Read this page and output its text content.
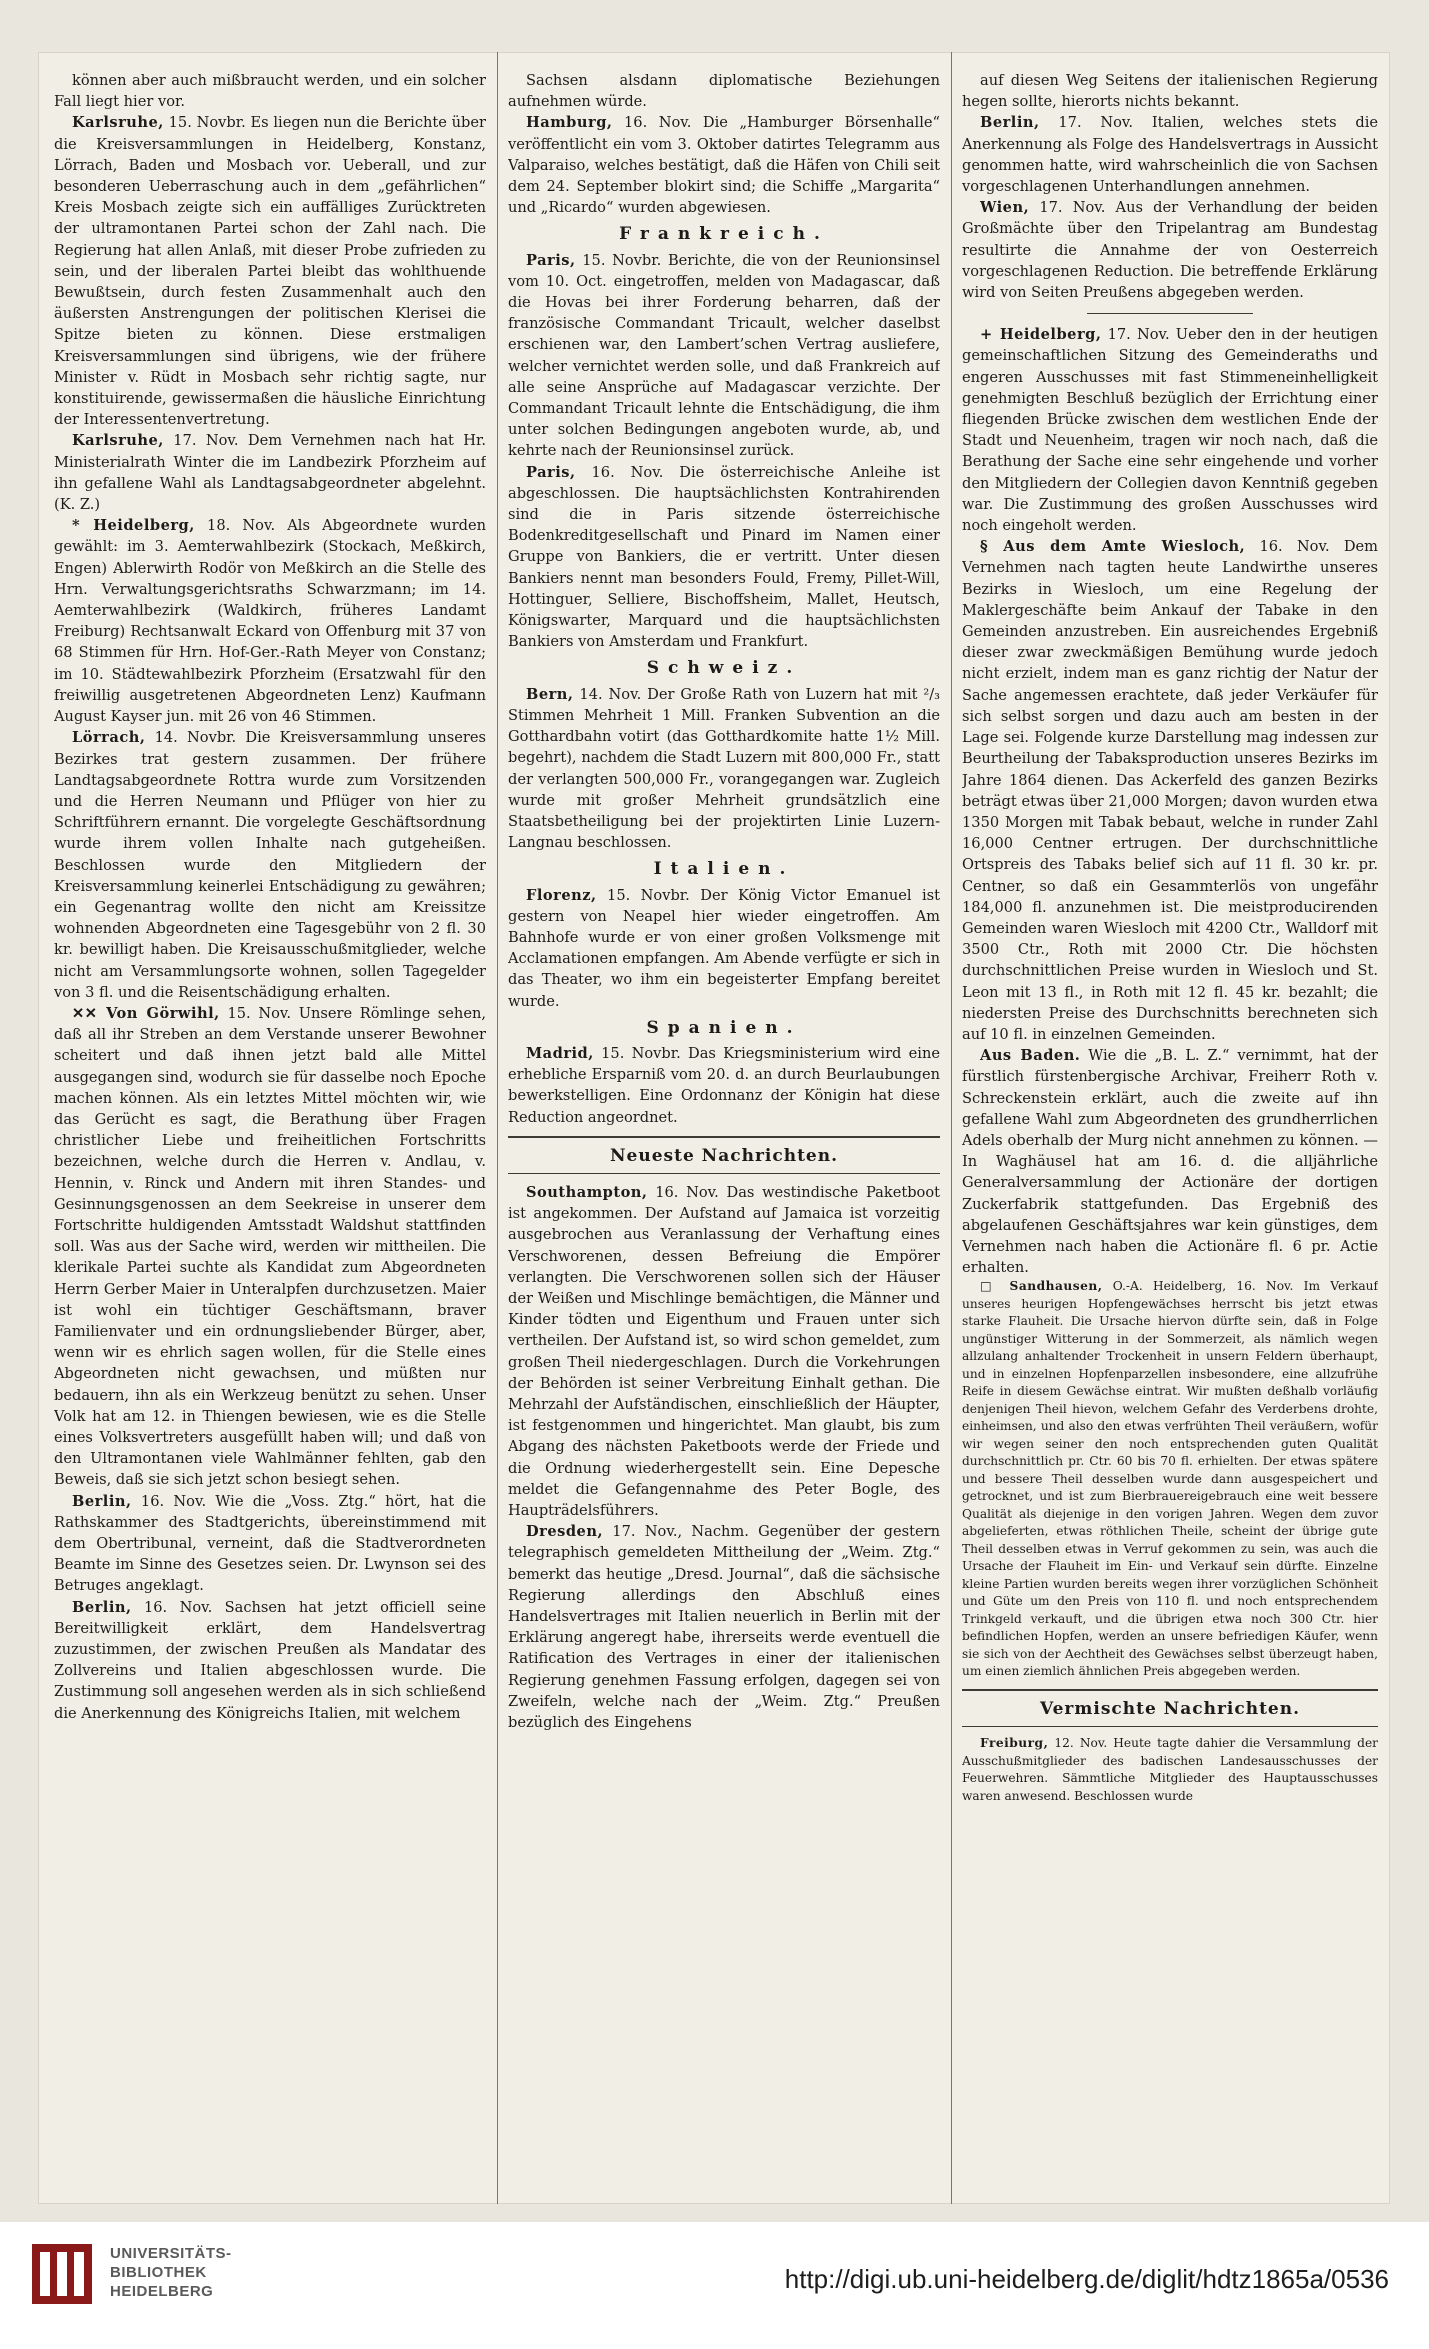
können aber auch mißbraucht werden, und ein solcher Fall liegt hier vor.

Karlsruhe, 15. Novbr. Es liegen nun die Berichte über die Kreisversammlungen in Heidelberg, Konstanz, Lörrach, Baden und Mosbach vor. Ueberall, und zur besonderen Ueberraschung auch in dem „gefährlichen“ Kreis Mosbach zeigte sich ein auffälliges Zurücktreten der ultramontanen Partei schon der Zahl nach. Die Regierung hat allen Anlaß, mit dieser Probe zufrieden zu sein, und der liberalen Partei bleibt das wohlthuende Bewußtsein, durch festen Zusammenhalt auch den äußersten Anstrengungen der politischen Klerisei die Spitze bieten zu können. Diese erstmaligen Kreisversammlungen sind übrigens, wie der frühere Minister v. Rüdt in Mosbach sehr richtig sagte, nur konstituirende, gewissermaßen die häusliche Einrichtung der Interessentenvertretung.

Karlsruhe, 17. Nov. Dem Vernehmen nach hat Hr. Ministerialrath Winter die im Landbezirk Pforzheim auf ihn gefallene Wahl als Landtagsabgeordneter abgelehnt. (K. Z.)

* Heidelberg, 18. Nov. Als Abgeordnete wurden gewählt: im 3. Aemterwahlbezirk (Stockach, Meßkirch, Engen) Ablerwirth Rodör von Meßkirch an die Stelle des Hrn. Verwaltungsgerichtsraths Schwarzmann; im 14. Aemterwahlbezirk (Waldkirch, früheres Landamt Freiburg) Rechtsanwalt Eckard von Offenburg mit 37 von 68 Stimmen für Hrn. Hof-Ger.-Rath Meyer von Constanz; im 10. Städtewahlbezirk Pforzheim (Ersatzwahl für den freiwillig ausgetretenen Abgeordneten Lenz) Kaufmann August Kayser jun. mit 26 von 46 Stimmen.

Lörrach, 14. Novbr. Die Kreisversammlung unseres Bezirkes trat gestern zusammen. Der frühere Landtagsabgeordnete Rottra wurde zum Vorsitzenden und die Herren Neumann und Pflüger von hier zu Schriftführern ernannt. Die vorgelegte Geschäftsordnung wurde ihrem vollen Inhalte nach gutgeheißen. Beschlossen wurde den Mitgliedern der Kreisversammlung keinerlei Entschädigung zu gewähren; ein Gegenantrag wollte den nicht am Kreissitze wohnenden Abgeordneten eine Tagesgebühr von 2 fl. 30 kr. bewilligt haben. Die Kreisausschußmitglieder, welche nicht am Versammlungsorte wohnen, sollen Tagegelder von 3 fl. und die Reisentschädigung erhalten.

✕✕ Von Görwihl, 15. Nov. Unsere Römlinge sehen, daß all ihr Streben an dem Verstande unserer Bewohner scheitert und daß ihnen jetzt bald alle Mittel ausgegangen sind, wodurch sie für dasselbe noch Epoche machen können. Als ein letztes Mittel möchten wir, wie das Gerücht es sagt, die Berathung über Fragen christlicher Liebe und freiheitlichen Fortschritts bezeichnen, welche durch die Herren v. Andlau, v. Hennin, v. Rinck und Andern mit ihren Standes- und Gesinnungsgenossen an dem Seekreise in unserer dem Fortschritte huldigenden Amtsstadt Waldshut stattfinden soll. Was aus der Sache wird, werden wir mittheilen. Die klerikale Partei suchte als Kandidat zum Abgeordneten Herrn Gerber Maier in Unteralpfen durchzusetzen. Maier ist wohl ein tüchtiger Geschäftsmann, braver Familienvater und ein ordnungsliebender Bürger, aber, wenn wir es ehrlich sagen wollen, für die Stelle eines Abgeordneten nicht gewachsen, und müßten nur bedauern, ihn als ein Werkzeug benützt zu sehen. Unser Volk hat am 12. in Thiengen bewiesen, wie es die Stelle eines Volksvertreters ausgefüllt haben will; und daß von den Ultramontanen viele Wahlmänner fehlten, gab den Beweis, daß sie sich jetzt schon besiegt sehen.

Berlin, 16. Nov. Wie die „Voss. Ztg.“ hört, hat die Rathskammer des Stadtgerichts, übereinstimmend mit dem Obertribunal, verneint, daß die Stadtverordneten Beamte im Sinne des Gesetzes seien. Dr. Lwynson sei des Betruges angeklagt.

Berlin, 16. Nov. Sachsen hat jetzt officiell seine Bereitwilligkeit erklärt, dem Handelsvertrag zuzustimmen, der zwischen Preußen als Mandatar des Zollvereins und Italien abgeschlossen wurde. Die Zustimmung soll angesehen werden als in sich schließend die Anerkennung des Königreichs Italien, mit welchem

Sachsen alsdann diplomatische Beziehungen aufnehmen würde.

Hamburg, 16. Nov. Die „Hamburger Börsenhalle“ veröffentlicht ein vom 3. Oktober datirtes Telegramm aus Valparaiso, welches bestätigt, daß die Häfen von Chili seit dem 24. September blokirt sind; die Schiffe „Margarita“ und „Ricardo“ wurden abgewiesen.

Frankreich.

Paris, 15. Novbr. Berichte, die von der Reunionsinsel vom 10. Oct. eingetroffen, melden von Madagascar, daß die Hovas bei ihrer Forderung beharren, daß der französische Commandant Tricault, welcher daselbst erschienen war, den Lambert’schen Vertrag ausliefere, welcher vernichtet werden solle, und daß Frankreich auf alle seine Ansprüche auf Madagascar verzichte. Der Commandant Tricault lehnte die Entschädigung, die ihm unter solchen Bedingungen angeboten wurde, ab, und kehrte nach der Reunionsinsel zurück.

Paris, 16. Nov. Die österreichische Anleihe ist abgeschlossen. Die hauptsächlichsten Kontrahirenden sind die in Paris sitzende österreichische Bodenkreditgesellschaft und Pinard im Namen einer Gruppe von Bankiers, die er vertritt. Unter diesen Bankiers nennt man besonders Fould, Fremy, Pillet-Will, Hottinguer, Selliere, Bischoffsheim, Mallet, Heutsch, Königswarter, Marquard und die hauptsächlichsten Bankiers von Amsterdam und Frankfurt.

Schweiz.

Bern, 14. Nov. Der Große Rath von Luzern hat mit ²/₃ Stimmen Mehrheit 1 Mill. Franken Subvention an die Gotthardbahn votirt (das Gotthardkomite hatte 1½ Mill. begehrt), nachdem die Stadt Luzern mit 800,000 Fr., statt der verlangten 500,000 Fr., vorangegangen war. Zugleich wurde mit großer Mehrheit grundsätzlich eine Staatsbetheiligung bei der projektirten Linie Luzern-Langnau beschlossen.

Italien.

Florenz, 15. Novbr. Der König Victor Emanuel ist gestern von Neapel hier wieder eingetroffen. Am Bahnhofe wurde er von einer großen Volksmenge mit Acclamationen empfangen. Am Abende verfügte er sich in das Theater, wo ihm ein begeisterter Empfang bereitet wurde.

Spanien.

Madrid, 15. Novbr. Das Kriegsministerium wird eine erhebliche Ersparniß vom 20. d. an durch Beurlaubungen bewerkstelligen. Eine Ordonnanz der Königin hat diese Reduction angeordnet.

Neueste Nachrichten.

Southampton, 16. Nov. Das westindische Paketboot ist angekommen. Der Aufstand auf Jamaica ist vorzeitig ausgebrochen aus Veranlassung der Verhaftung eines Verschworenen, dessen Befreiung die Empörer verlangten. Die Verschworenen sollen sich der Häuser der Weißen und Mischlinge bemächtigen, die Männer und Kinder tödten und Eigenthum und Frauen unter sich vertheilen. Der Aufstand ist, so wird schon gemeldet, zum großen Theil niedergeschlagen. Durch die Vorkehrungen der Behörden ist seiner Verbreitung Einhalt gethan. Die Mehrzahl der Aufständischen, einschließlich der Häupter, ist festgenommen und hingerichtet. Man glaubt, bis zum Abgang des nächsten Paketboots werde der Friede und die Ordnung wiederhergestellt sein. Eine Depesche meldet die Gefangennahme des Peter Bogle, des Haupträdelsführers.

Dresden, 17. Nov., Nachm. Gegenüber der gestern telegraphisch gemeldeten Mittheilung der „Weim. Ztg.“ bemerkt das heutige „Dresd. Journal“, daß die sächsische Regierung allerdings den Abschluß eines Handelsvertrages mit Italien neuerlich in Berlin mit der Erklärung angeregt habe, ihrerseits werde eventuell die Ratification des Vertrages in einer der italienischen Regierung genehmen Fassung erfolgen, dagegen sei von Zweifeln, welche nach der „Weim. Ztg.“ Preußen bezüglich des Eingehens

auf diesen Weg Seitens der italienischen Regierung hegen sollte, hierorts nichts bekannt.

Berlin, 17. Nov. Italien, welches stets die Anerkennung als Folge des Handelsvertrags in Aussicht genommen hatte, wird wahrscheinlich die von Sachsen vorgeschlagenen Unterhandlungen annehmen.

Wien, 17. Nov. Aus der Verhandlung der beiden Großmächte über den Tripelantrag am Bundestag resultirte die Annahme der von Oesterreich vorgeschlagenen Reduction. Die betreffende Erklärung wird von Seiten Preußens abgegeben werden.

+ Heidelberg, 17. Nov. Ueber den in der heutigen gemeinschaftlichen Sitzung des Gemeinderaths und engeren Ausschusses mit fast Stimmeneinhelligkeit genehmigten Beschluß bezüglich der Errichtung einer fliegenden Brücke zwischen dem westlichen Ende der Stadt und Neuenheim, tragen wir noch nach, daß die Berathung der Sache eine sehr eingehende und vorher den Mitgliedern der Collegien davon Kenntniß gegeben war. Die Zustimmung des großen Ausschusses wird noch eingeholt werden.

§ Aus dem Amte Wiesloch, 16. Nov. Dem Vernehmen nach tagten heute Landwirthe unseres Bezirks in Wiesloch, um eine Regelung der Maklergeschäfte beim Ankauf der Tabake in den Gemeinden anzustreben. Ein ausreichendes Ergebniß dieser zwar zweckmäßigen Bemühung wurde jedoch nicht erzielt, indem man es ganz richtig der Natur der Sache angemessen erachtete, daß jeder Verkäufer für sich selbst sorgen und dazu auch am besten in der Lage sei. Folgende kurze Darstellung mag indessen zur Beurtheilung der Tabaksproduction unseres Bezirks im Jahre 1864 dienen. Das Ackerfeld des ganzen Bezirks beträgt etwas über 21,000 Morgen; davon wurden etwa 1350 Morgen mit Tabak bebaut, welche in runder Zahl 16,000 Centner ertrugen. Der durchschnittliche Ortspreis des Tabaks belief sich auf 11 fl. 30 kr. pr. Centner, so daß ein Gesammterlös von ungefähr 184,000 fl. anzunehmen ist. Die meistproducirenden Gemeinden waren Wiesloch mit 4200 Ctr., Walldorf mit 3500 Ctr., Roth mit 2000 Ctr. Die höchsten durchschnittlichen Preise wurden in Wiesloch und St. Leon mit 13 fl., in Roth mit 12 fl. 45 kr. bezahlt; die niedersten Preise des Durchschnitts berechneten sich auf 10 fl. in einzelnen Gemeinden.

Aus Baden. Wie die „B. L. Z.“ vernimmt, hat der fürstlich fürstenbergische Archivar, Freiherr Roth v. Schreckenstein erklärt, auch die zweite auf ihn gefallene Wahl zum Abgeordneten des grundherrlichen Adels oberhalb der Murg nicht annehmen zu können. — In Waghäusel hat am 16. d. die alljährliche Generalversammlung der Actionäre der dortigen Zuckerfabrik stattgefunden. Das Ergebniß des abgelaufenen Geschäftsjahres war kein günstiges, dem Vernehmen nach haben die Actionäre fl. 6 pr. Actie erhalten.

□ Sandhausen, O.-A. Heidelberg, 16. Nov. Im Verkauf unseres heurigen Hopfengewächses herrscht bis jetzt etwas starke Flauheit. Die Ursache hiervon dürfte sein, daß in Folge ungünstiger Witterung in der Sommerzeit, als nämlich wegen allzulang anhaltender Trockenheit in unsern Feldern überhaupt, und in einzelnen Hopfenparzellen insbesondere, eine allzufrühe Reife in diesem Gewächse eintrat. Wir mußten deßhalb vorläufig denjenigen Theil hievon, welchem Gefahr des Verderbens drohte, einheimsen, und also den etwas verfrühten Theil veräußern, wofür wir wegen seiner den noch entsprechenden guten Qualität durchschnittlich pr. Ctr. 60 bis 70 fl. erhielten. Der etwas spätere und bessere Theil desselben wurde dann ausgespeichert und getrocknet, und ist zum Bierbrauereigebrauch eine weit bessere Qualität als diejenige in den vorigen Jahren. Wegen dem zuvor abgelieferten, etwas röthlichen Theile, scheint der übrige gute Theil desselben etwas in Verruf gekommen zu sein, was auch die Ursache der Flauheit im Ein- und Verkauf sein dürfte. Einzelne kleine Partien wurden bereits wegen ihrer vorzüglichen Schönheit und Güte um den Preis von 110 fl. und noch entsprechendem Trinkgeld verkauft, und die übrigen etwa noch 300 Ctr. hier befindlichen Hopfen, werden an unsere befriedigen Käufer, wenn sie sich von der Aechtheit des Gewächses selbst überzeugt haben, um einen ziemlich ähnlichen Preis abgegeben werden.

Vermischte Nachrichten.

Freiburg, 12. Nov. Heute tagte dahier die Versammlung der Ausschußmitglieder des badischen Landesausschusses der Feuerwehren. Sämmtliche Mitglieder des Hauptausschusses waren anwesend. Beschlossen wurde

UNIVERSITÄTS-
BIBLIOTHEK
HEIDELBERG	http://digi.ub.uni-heidelberg.de/diglit/hdtz1865a/0536
